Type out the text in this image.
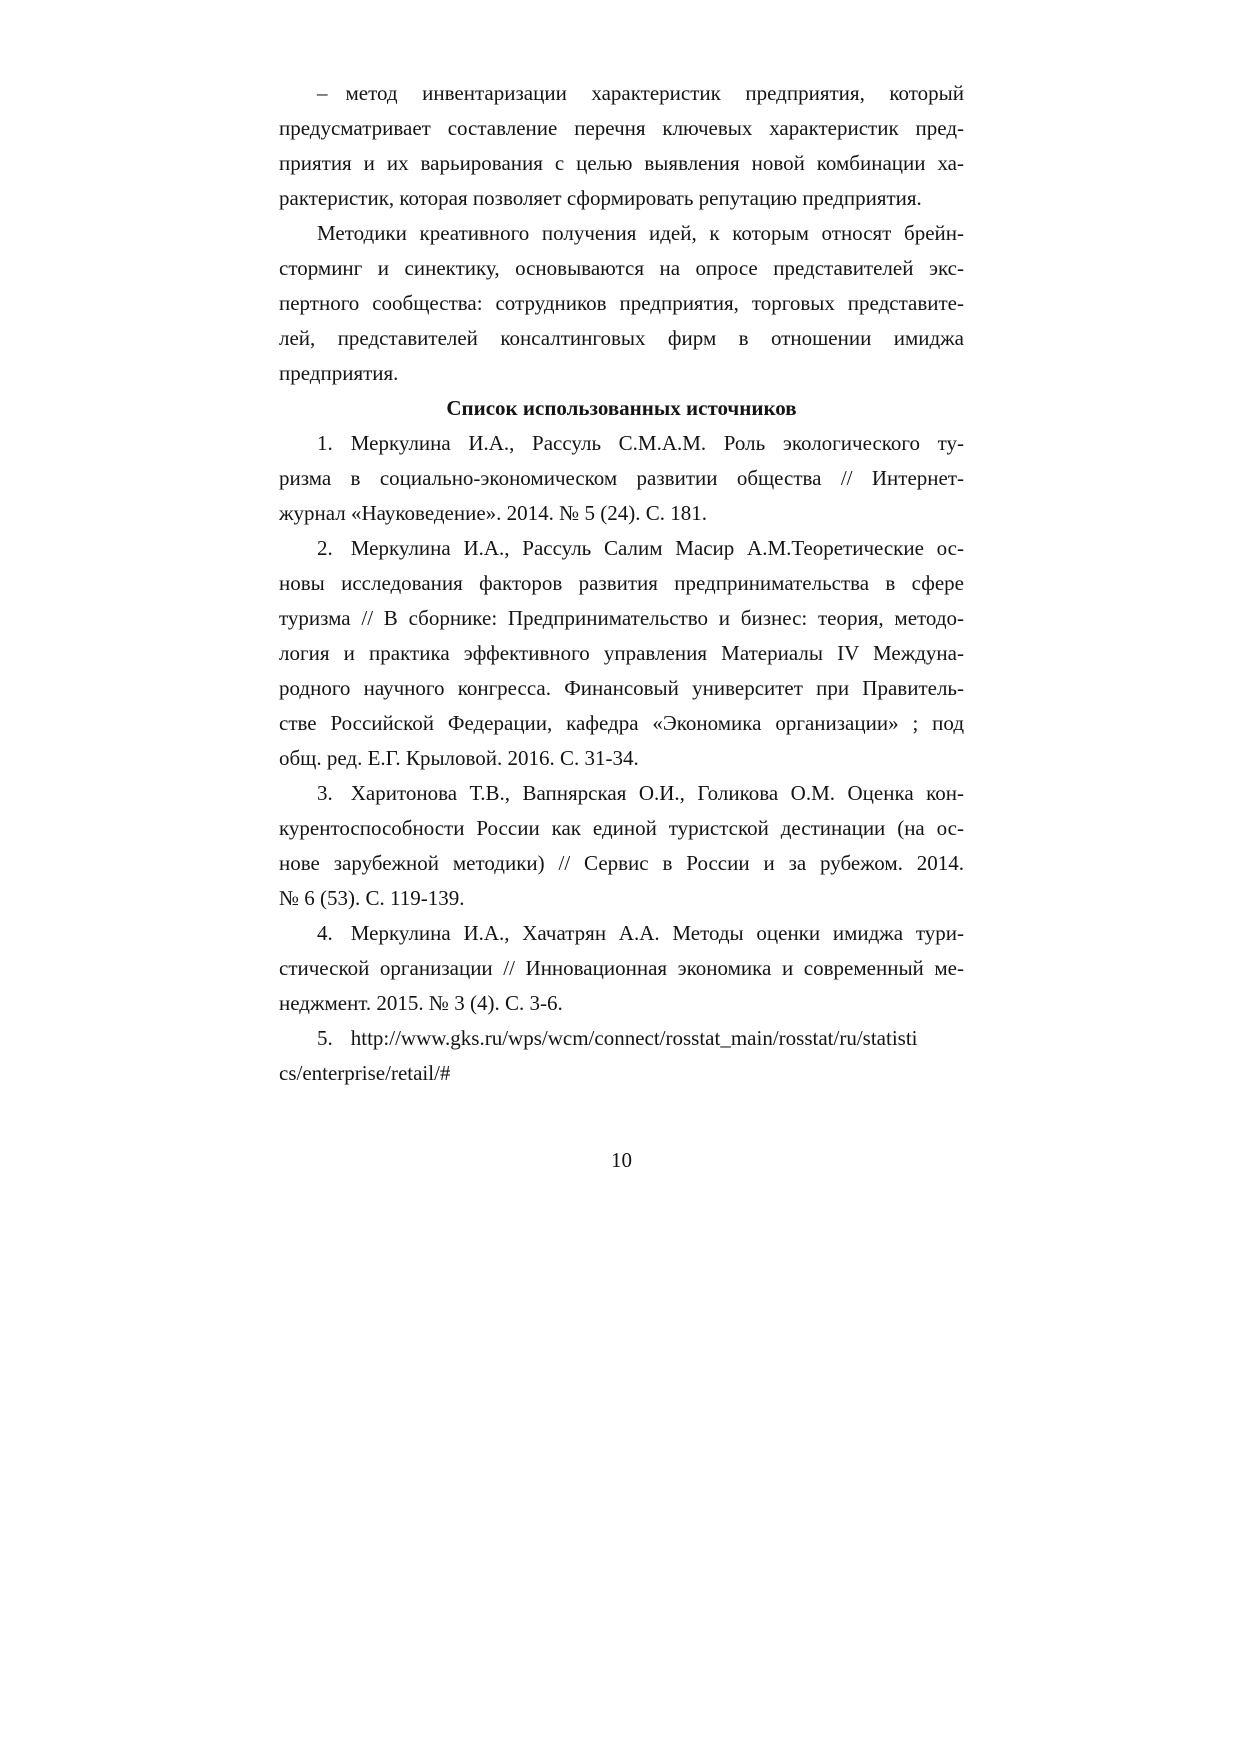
– метод инвентаризации характеристик предприятия, который
предусматривает составление перечня ключевых характеристик пред-
приятия и их варьирования с целью выявления новой комбинации ха-
рактеристик, которая позволяет сформировать репутацию предприятия.
Методики креативного получения идей, к которым относят брейн-
сторминг и синектику, основываются на опросе представителей экс-
пертного сообщества: сотрудников предприятия, торговых представите-
лей, представителей консалтинговых фирм в отношении имиджа
предприятия.
Список использованных источников
1. Меркулина И.А., Рассуль С.М.А.М. Роль экологического ту-
ризма в социально-экономическом развитии общества // Интернет-
журнал «Науковедение». 2014. № 5 (24). С. 181.
2. Меркулина И.А., Рассуль Салим Масир А.М.Теоретические ос-
новы исследования факторов развития предпринимательства в сфере
туризма // В сборнике: Предпринимательство и бизнес: теория, методо-
логия и практика эффективного управления Материалы IV Междуна-
родного научного конгресса. Финансовый университет при Правитель-
стве Российской Федерации, кафедра «Экономика организации» ; под
общ. ред. Е.Г. Крыловой. 2016. С. 31-34.
3. Харитонова Т.В., Вапнярская О.И., Голикова О.М. Оценка кон-
курентоспособности России как единой туристской дестинации (на ос-
нове зарубежной методики) // Сервис в России и за рубежом. 2014.
№ 6 (53). С. 119-139.
4. Меркулина И.А., Хачатрян А.А. Методы оценки имиджа тури-
стической организации // Инновационная экономика и современный ме-
неджмент. 2015. № 3 (4). С. 3-6.
5. http://www.gks.ru/wps/wcm/connect/rosstat_main/rosstat/ru/statisti
cs/enterprise/retail/#
10
